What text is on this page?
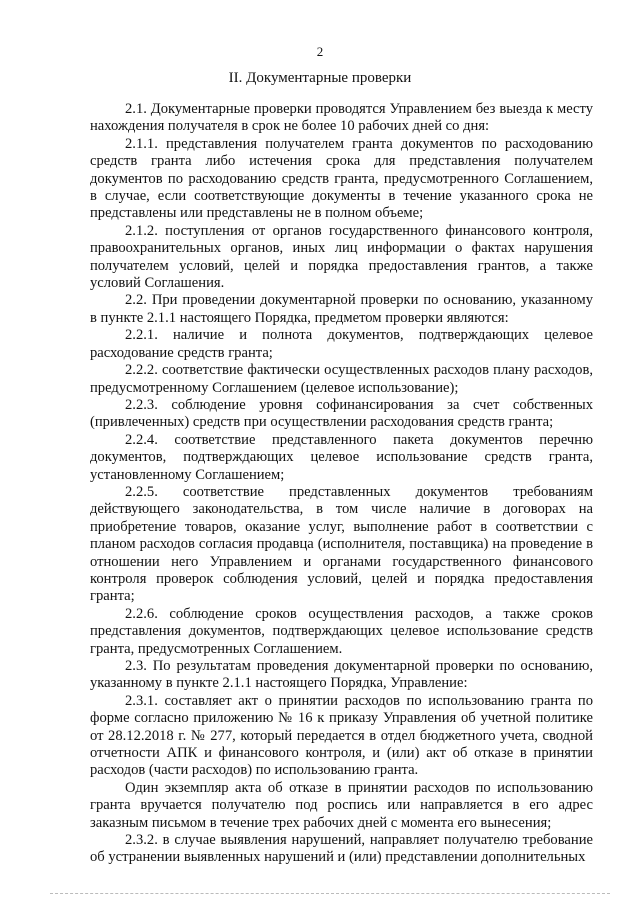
2
II. Документарные проверки

2.1. Документарные проверки проводятся Управлением без выезда к месту нахождения получателя в срок не более 10 рабочих дней со дня:

2.1.1. представления получателем гранта документов по расходованию средств гранта либо истечения срока для представления получателем документов по расходованию средств гранта, предусмотренного Соглашением, в случае, если соответствующие документы в течение указанного срока не представлены или представлены не в полном объеме;

2.1.2. поступления от органов государственного финансового контроля, правоохранительных органов, иных лиц информации о фактах нарушения получателем условий, целей и порядка предоставления грантов, а также условий Соглашения.

2.2. При проведении документарной проверки по основанию, указанному в пункте 2.1.1 настоящего Порядка, предметом проверки являются:

2.2.1. наличие и полнота документов, подтверждающих целевое расходование средств гранта;

2.2.2. соответствие фактически осуществленных расходов плану расходов, предусмотренному Соглашением (целевое использование);

2.2.3. соблюдение уровня софинансирования за счет собственных (привлеченных) средств при осуществлении расходования средств гранта;

2.2.4. соответствие представленного пакета документов перечню документов, подтверждающих целевое использование средств гранта, установленному Соглашением;

2.2.5. соответствие представленных документов требованиям действующего законодательства, в том числе наличие в договорах на приобретение товаров, оказание услуг, выполнение работ в соответствии с планом расходов согласия продавца (исполнителя, поставщика) на проведение в отношении него Управлением и органами государственного финансового контроля проверок соблюдения условий, целей и порядка предоставления гранта;

2.2.6. соблюдение сроков осуществления расходов, а также сроков представления документов, подтверждающих целевое использование средств гранта, предусмотренных Соглашением.

2.3. По результатам проведения документарной проверки по основанию, указанному в пункте 2.1.1 настоящего Порядка, Управление:

2.3.1. составляет акт о принятии расходов по использованию гранта по форме согласно приложению № 16 к приказу Управления об учетной политике от 28.12.2018 г. № 277, который передается в отдел бюджетного учета, сводной отчетности АПК и финансового контроля, и (или) акт об отказе в принятии расходов (части расходов) по использованию гранта.

Один экземпляр акта об отказе в принятии расходов по использованию гранта вручается получателю под роспись или направляется в его адрес заказным письмом в течение трех рабочих дней с момента его вынесения;

2.3.2. в случае выявления нарушений, направляет получателю требование об устранении выявленных нарушений и (или) представлении дополнительных
